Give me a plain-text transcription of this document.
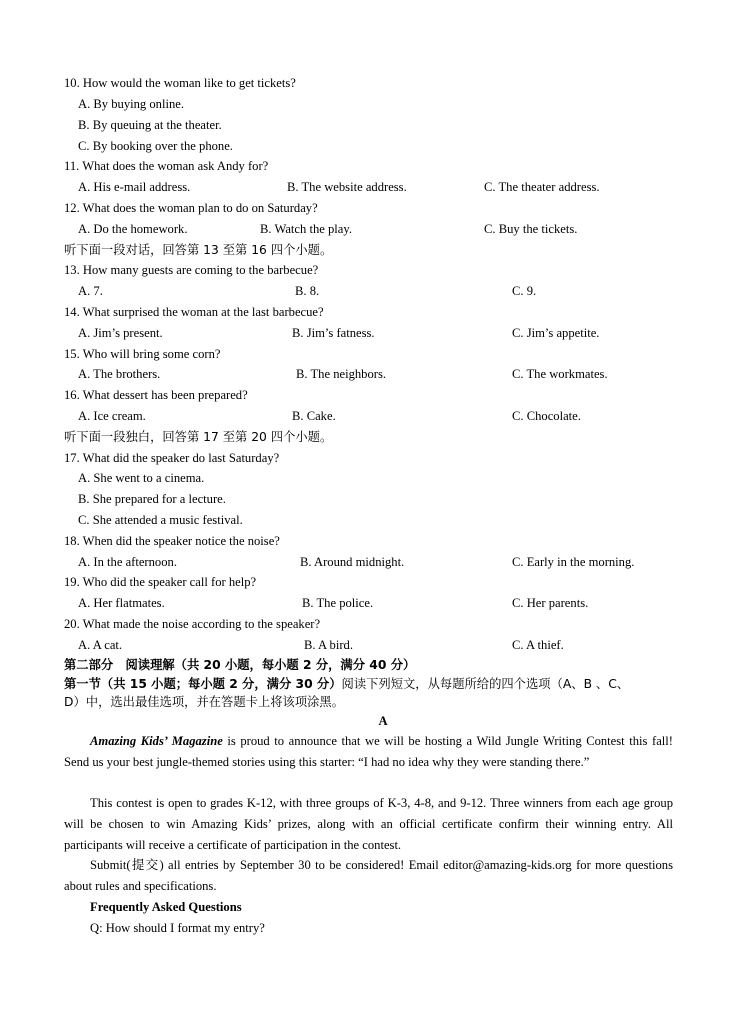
10. How would the woman like to get tickets?
A. By buying online.
B. By queuing at the theater.
C. By booking over the phone.
11. What does the woman ask Andy for?
A. His e-mail address.	B. The website address.	C. The theater address.
12. What does the woman plan to do on Saturday?
A. Do the homework.	B. Watch the play.	C. Buy the tickets.
听下面一段对话，回答第 13 至第 16 四个小题。
13. How many guests are coming to the barbecue?
A. 7.	B. 8.	C. 9.
14. What surprised the woman at the last barbecue?
A. Jim’s present.	B. Jim’s fatness.	C. Jim’s appetite.
15. Who will bring some corn?
A. The brothers.	B. The neighbors.	C. The workmates.
16. What dessert has been prepared?
A. Ice cream.	B. Cake.	C. Chocolate.
听下面一段独白，回答第 17 至第 20 四个小题。
17. What did the speaker do last Saturday?
A. She went to a cinema.
B. She prepared for a lecture.
C. She attended a music festival.
18. When did the speaker notice the noise?
A. In the afternoon.	B. Around midnight.	C. Early in the morning.
19. Who did the speaker call for help?
A. Her flatmates.	B. The police.	C. Her parents.
20. What made the noise according to the speaker?
A. A cat.	B. A bird.	C. A thief.
第二部分　阅读理解（共 20 小题，每小题 2 分，满分 40 分）
第一节（共 15 小题；每小题 2 分，满分 30 分）阅读下列短文，从每题所给的四个选项（A、B 、C、
D）中，选出最佳选项，并在答题卡上将该项涂黑。
A
Amazing Kids’ Magazine is proud to announce that we will be hosting a Wild Jungle Writing Contest this fall! Send us your best jungle-themed stories using this starter: “I had no idea why they were standing there.”
This contest is open to grades K-12, with three groups of K-3, 4-8, and 9-12. Three winners from each age group will be chosen to win Amazing Kids’ prizes, along with an official certificate confirm their winning entry. All participants will receive a certificate of participation in the contest.
Submit(提交) all entries by September 30 to be considered! Email editor@amazing-kids.org for more questions about rules and specifications.
Frequently Asked Questions
Q: How should I format my entry?
